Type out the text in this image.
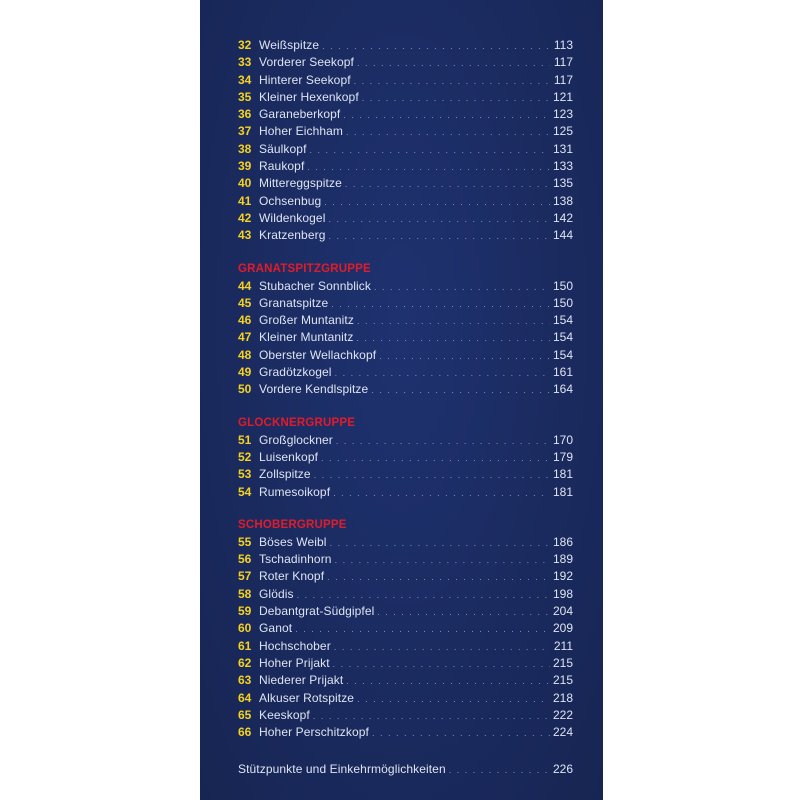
32 Weißspitze . . .	113
33 Vorderer Seekopf . . .	117
34 Hinterer Seekopf . . .	117
35 Kleiner Hexenkopf . . .	121
36 Garaneberkopf . . .	123
37 Hoher Eichham . . .	125
38 Säulkopf . . .	131
39 Raukopf . . .	133
40 Mittereggspitze . . .	135
41 Ochsenbug . . .	138
42 Wildenkogel . . .	142
43 Kratzenberg . . .	144
GRANATSPITZGRUPPE
44 Stubacher Sonnblick . . .	150
45 Granatspitze . . .	150
46 Großer Muntanitz . . .	154
47 Kleiner Muntanitz . . .	154
48 Oberster Wellachkopf . . .	154
49 Gradötzkogel . . .	161
50 Vordere Kendlspitze . . .	164
GLOCKNERGRUPPE
51 Großglockner . . .	170
52 Luisenkopf . . .	179
53 Zollspitze . . .	181
54 Rumesoikopf . . .	181
SCHOBERGRUPPE
55 Böses Weibl . . .	186
56 Tschadinhorn . . .	189
57 Roter Knopf . . .	192
58 Glödis . . .	198
59 Debantgrat-Südgipfel . . .	204
60 Ganot . . .	209
61 Hochschober . . .	211
62 Hoher Prijakt . . .	215
63 Niederer Prijakt . . .	215
64 Alkuser Rotspitze . . .	218
65 Keeskopf . . .	222
66 Hoher Perschitzkopf . . .	224
Stützpunkte und Einkehrmöglichkeiten . . .	226
